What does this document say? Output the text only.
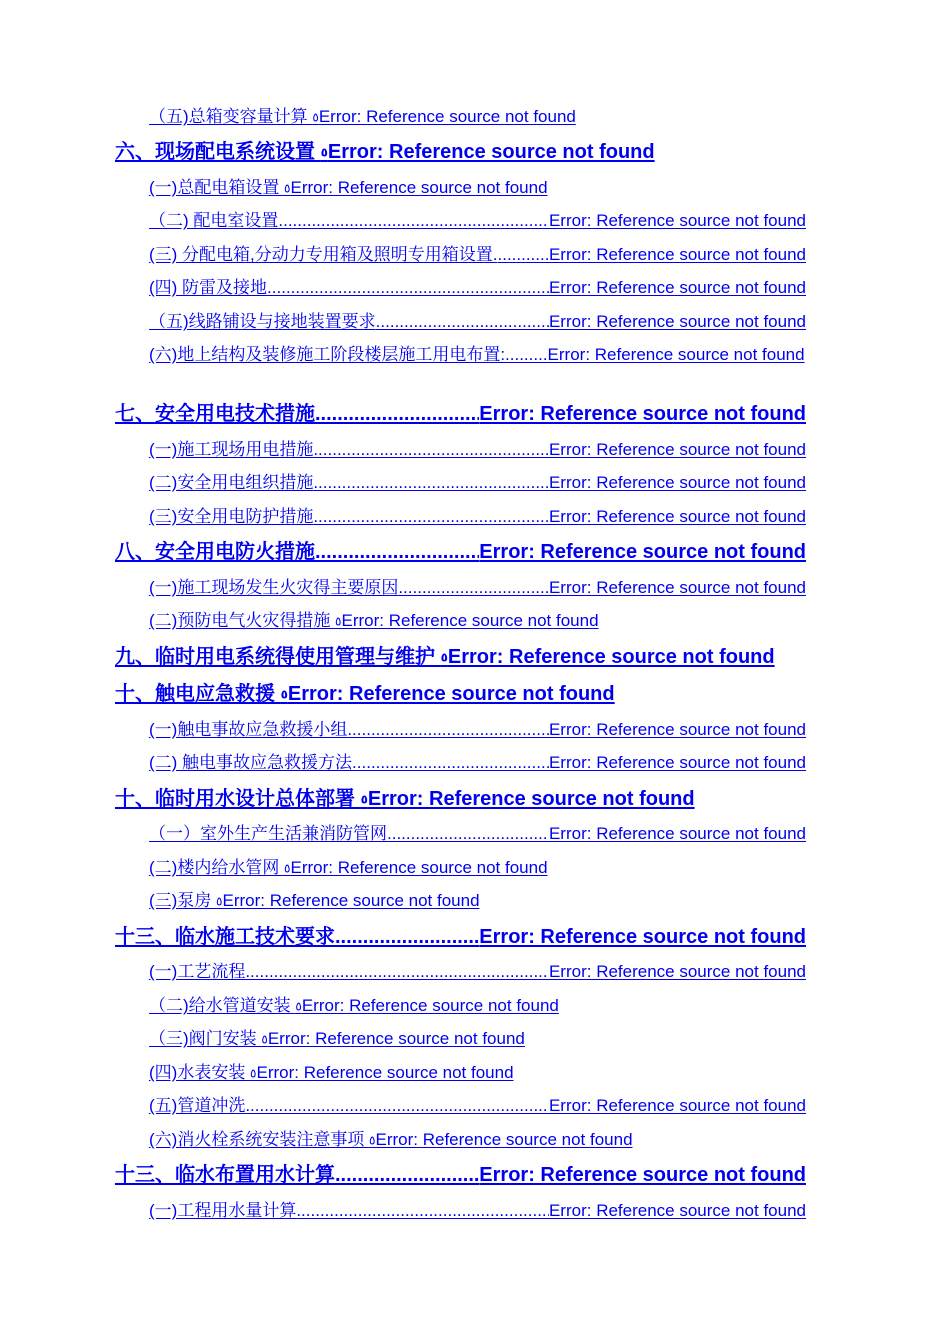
（五)总箱变容量计算 ٥Error: Reference source not found
六、现场配电系统设置 ٥Error: Reference source not found
(一)总配电箱设置 ٥Error: Reference source not found
（二) 配电室设置 .....	Error: Reference source not found
(三) 分配电箱,分动力专用箱及照明专用箱设置. .....	Error: Reference source not found
(四) 防雷及接地 .....	Error: Reference source not found
（五)线路铺设与接地装置要求 .....	Error: Reference source not found
(六)地上结构及装修施工阶段楼层施工用电布置:.........Error: Reference source not found
七、安全用电技术措施 .....	Error: Reference source not found
(一)施工现场用电措施 .....	Error: Reference source not found
(二)安全用电组织措施 .....	Error: Reference source not found
(三)安全用电防护措施 .....	Error: Reference source not found
八、安全用电防火措施 .....	Error: Reference source not found
(一)施工现场发生火灾得主要原因 .....	Error: Reference source not found
(二)预防电气火灾得措施 ٥Error: Reference source not found
九、临时用电系统得使用管理与维护 ٥Error: Reference source not found
十、触电应急救援 ٥Error: Reference source not found
(一)触电事故应急救援小组 .....	Error: Reference source not found
(二) 触电事故应急救援方法 .....	Error: Reference source not found
十、临时用水设计总体部署 ٥Error: Reference source not found
（一）室外生产生活兼消防管网 .....	Error: Reference source not found
(二)楼内给水管网 ٥Error: Reference source not found
(三)泵房 ٥Error: Reference source not found
十三、临水施工技术要求 .....	Error: Reference source not found
(一)工艺流程 .....	Error: Reference source not found
（二)给水管道安装 ٥Error: Reference source not found
（三)阀门安装 ٥Error: Reference source not found
(四)水表安装 ٥Error: Reference source not found
(五)管道冲洗 .....	Error: Reference source not found
(六)消火栓系统安装注意事项 ٥Error: Reference source not found
十三、临水布置用水计算 .....	Error: Reference source not found
(一)工程用水量计算 .....	Error: Reference source not found
